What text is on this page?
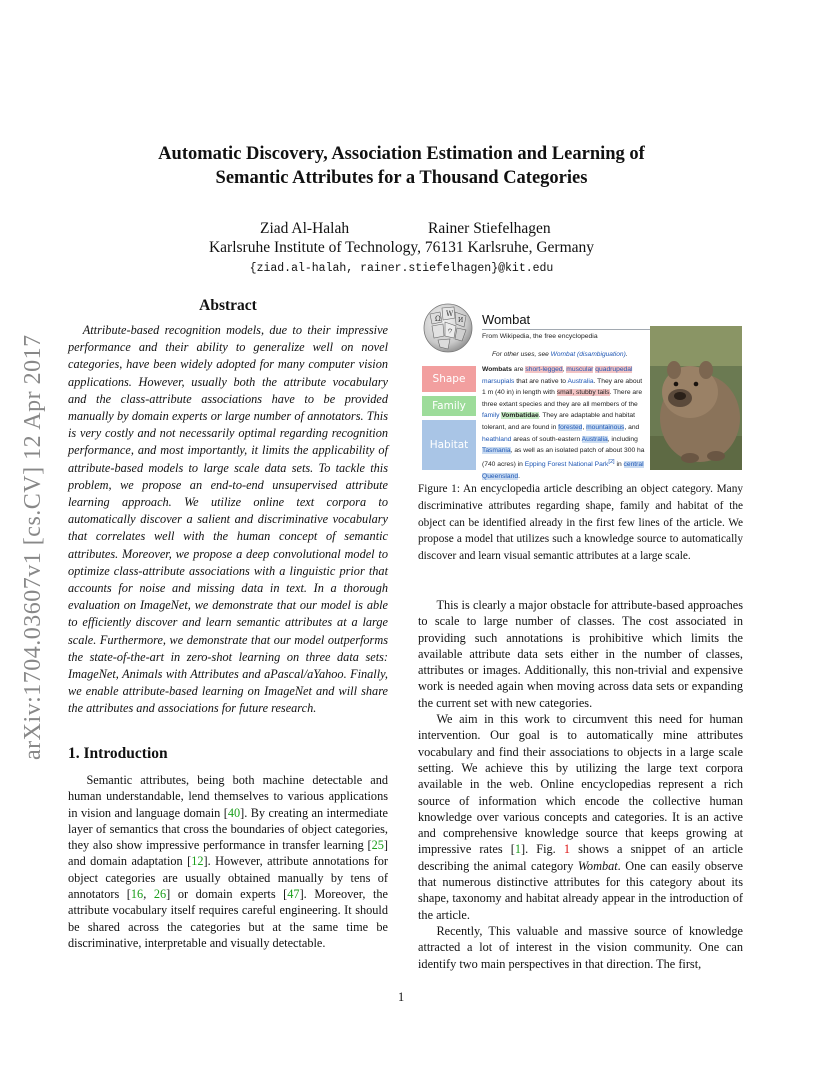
arXiv:1704.03607v1 [cs.CV] 12 Apr 2017
Automatic Discovery, Association Estimation and Learning of
Semantic Attributes for a Thousand Categories
Ziad Al-Halah	Rainer Stiefelhagen
Karlsruhe Institute of Technology, 76131 Karlsruhe, Germany
{ziad.al-halah, rainer.stiefelhagen}@kit.edu
Abstract
Attribute-based recognition models, due to their impressive performance and their ability to generalize well on novel categories, have been widely adopted for many computer vision applications. However, usually both the attribute vocabulary and the class-attribute associations have to be provided manually by domain experts or large number of annotators. This is very costly and not necessarily optimal regarding recognition performance, and most importantly, it limits the applicability of attribute-based models to large scale data sets. To tackle this problem, we propose an end-to-end unsupervised attribute learning approach. We utilize online text corpora to automatically discover a salient and discriminative vocabulary that correlates well with the human concept of semantic attributes. Moreover, we propose a deep convolutional model to optimize class-attribute associations with a linguistic prior that accounts for noise and missing data in text. In a thorough evaluation on ImageNet, we demonstrate that our model is able to efficiently discover and learn semantic attributes at a large scale. Furthermore, we demonstrate that our model outperforms the state-of-the-art in zero-shot learning on three data sets: ImageNet, Animals with Attributes and aPascal/aYahoo. Finally, we enable attribute-based learning on ImageNet and will share the attributes and associations for future research.
1. Introduction

Semantic attributes, being both machine detectable and human understandable, lend themselves to various applications in vision and language domain [40]. By creating an intermediate layer of semantics that cross the boundaries of object categories, they also show impressive performance in transfer learning [25] and domain adaptation [12]. However, attribute annotations for object categories are usually obtained manually by tens of annotators [16, 26] or domain experts [47]. Moreover, the attribute vocabulary itself requires careful engineering. It should be shared across the categories but at the same time be discriminative, interpretable and visually detectable.

Ω
W
И
ウ
Wombat
From Wikipedia, the free encyclopedia
For other uses, see Wombat (disambiguation).
Shape
Family
Habitat
Wombats are short-legged, muscular quadrupedal marsupials that are native to Australia. They are about 1 m (40 in) in length with small, stubby tails. There are three extant species and they are all members of the family Vombatidae. They are adaptable and habitat tolerant, and are found in forested, mountainous, and heathland areas of south-eastern Australia, including Tasmania, as well as an isolated patch of about 300 ha (740 acres) in Epping Forest National Park[2] in central Queensland.
Figure 1: An encyclopedia article describing an object category. Many discriminative attributes regarding shape, family and habitat of the object can be identified already in the first few lines of the article. We propose a model that utilizes such a knowledge source to automatically discover and learn visual semantic attributes at a large scale.

This is clearly a major obstacle for attribute-based approaches to scale to large number of classes. The cost associated in providing such annotations is prohibitive which limits the available attribute data sets either in the number of classes, attributes or images. Additionally, this non-trivial and expensive work is needed again when moving across data sets or expanding the current set with new categories.

We aim in this work to circumvent this need for human intervention. Our goal is to automatically mine attributes vocabulary and find their associations to objects in a large scale setting. We achieve this by utilizing the large text corpora available in the web. Online encyclopedias represent a rich source of information which encode the collective human knowledge over various concepts and categories. It is an active and comprehensive knowledge source that keeps growing at impressive rates [1]. Fig. 1 shows a snippet of an article describing the animal category Wombat. One can easily observe that numerous distinctive attributes for this category about its shape, taxonomy and habitat already appear in the introduction of the article.

Recently, This valuable and massive source of knowledge attracted a lot of interest in the vision community. One can identify two main perspectives in that direction. The first,

1
